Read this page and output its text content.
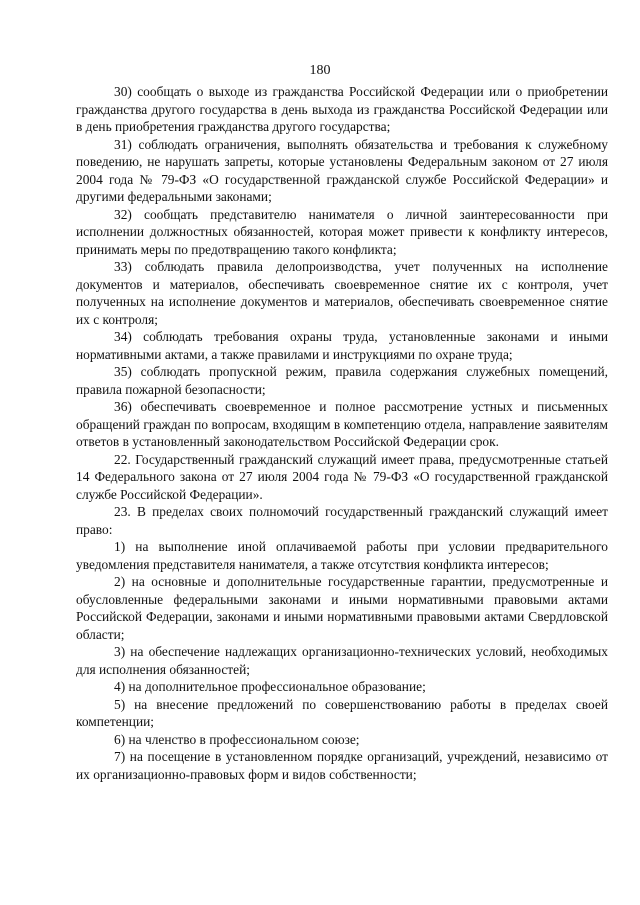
180

30) сообщать о выходе из гражданства Российской Федерации или о приобретении гражданства другого государства в день выхода из гражданства Российской Федерации или в день приобретения гражданства другого государства;

31) соблюдать ограничения, выполнять обязательства и требования к служебному поведению, не нарушать запреты, которые установлены Федеральным законом от 27 июля 2004 года № 79-ФЗ «О государственной гражданской службе Российской Федерации» и другими федеральными законами;

32) сообщать представителю нанимателя о личной заинтересованности при исполнении должностных обязанностей, которая может привести к конфликту интересов, принимать меры по предотвращению такого конфликта;

33) соблюдать правила делопроизводства, учет полученных на исполнение документов и материалов, обеспечивать своевременное снятие их с контроля, учет полученных на исполнение документов и материалов, обеспечивать своевременное снятие их с контроля;

34) соблюдать требования охраны труда, установленные законами и иными нормативными актами, а также правилами и инструкциями по охране труда;

35) соблюдать пропускной режим, правила содержания служебных помещений, правила пожарной безопасности;

36) обеспечивать своевременное и полное рассмотрение устных и письменных обращений граждан по вопросам, входящим в компетенцию отдела, направление заявителям ответов в установленный законодательством Российской Федерации срок.

22. Государственный гражданский служащий имеет права, предусмотренные статьей 14 Федерального закона от 27 июля 2004 года № 79-ФЗ «О государственной гражданской службе Российской Федерации».

23. В пределах своих полномочий государственный гражданский служащий имеет право:

1) на выполнение иной оплачиваемой работы при условии предварительного уведомления представителя нанимателя, а также отсутствия конфликта интересов;

2) на основные и дополнительные государственные гарантии, предусмотренные и обусловленные федеральными законами и иными нормативными правовыми актами Российской Федерации, законами и иными нормативными правовыми актами Свердловской области;

3) на обеспечение надлежащих организационно-технических условий, необходимых для исполнения обязанностей;

4) на дополнительное профессиональное образование;

5) на внесение предложений по совершенствованию работы в пределах своей компетенции;

6) на членство в профессиональном союзе;

7) на посещение в установленном порядке организаций, учреждений, независимо от их организационно-правовых форм и видов собственности;
